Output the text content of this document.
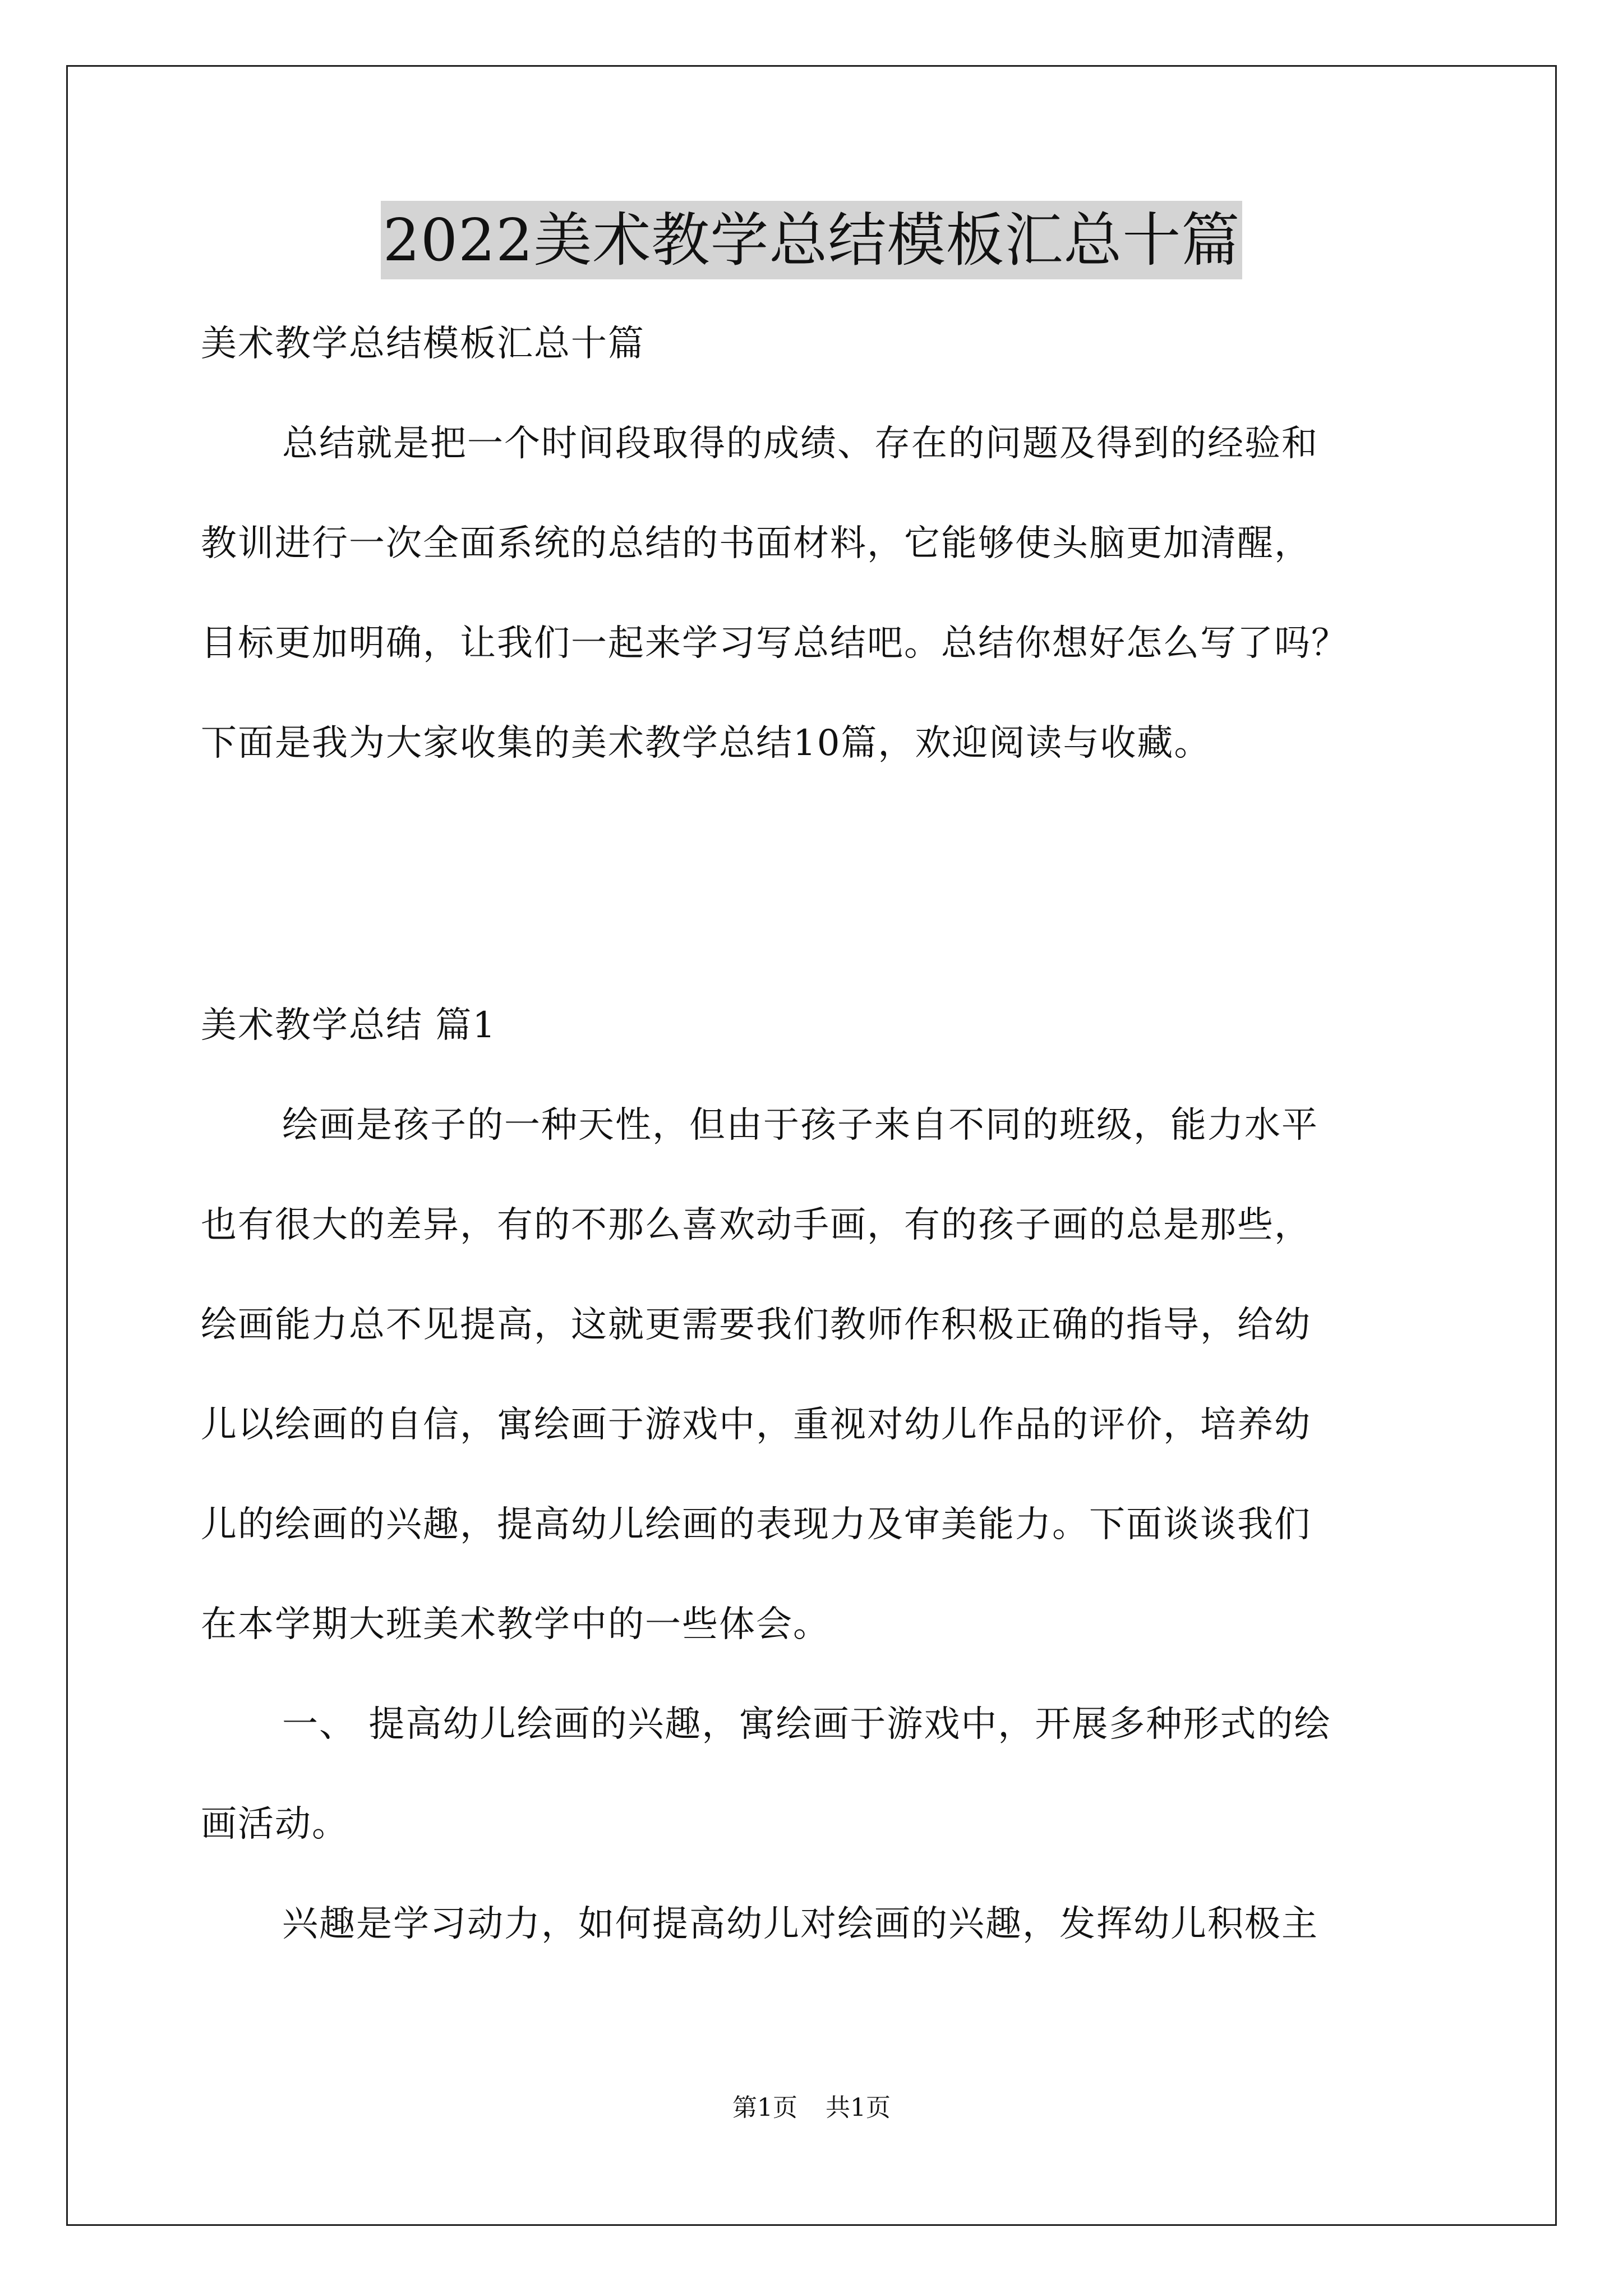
2022美术教学总结模板汇总十篇

美术教学总结模板汇总十篇

总结就是把一个时间段取得的成绩、存在的问题及得到的经验和

教训进行一次全面系统的总结的书面材料，它能够使头脑更加清醒，

目标更加明确，让我们一起来学习写总结吧。总结你想好怎么写了吗？

下面是我为大家收集的美术教学总结10篇，欢迎阅读与收藏。

美术教学总结 篇1

绘画是孩子的一种天性，但由于孩子来自不同的班级，能力水平

也有很大的差异，有的不那么喜欢动手画，有的孩子画的总是那些，

绘画能力总不见提高，这就更需要我们教师作积极正确的指导，给幼

儿以绘画的自信，寓绘画于游戏中，重视对幼儿作品的评价，培养幼

儿的绘画的兴趣，提高幼儿绘画的表现力及审美能力。下面谈谈我们

在本学期大班美术教学中的一些体会。

一、 提高幼儿绘画的兴趣，寓绘画于游戏中，开展多种形式的绘

画活动。

兴趣是学习动力，如何提高幼儿对绘画的兴趣，发挥幼儿积极主

第1页 共1页
